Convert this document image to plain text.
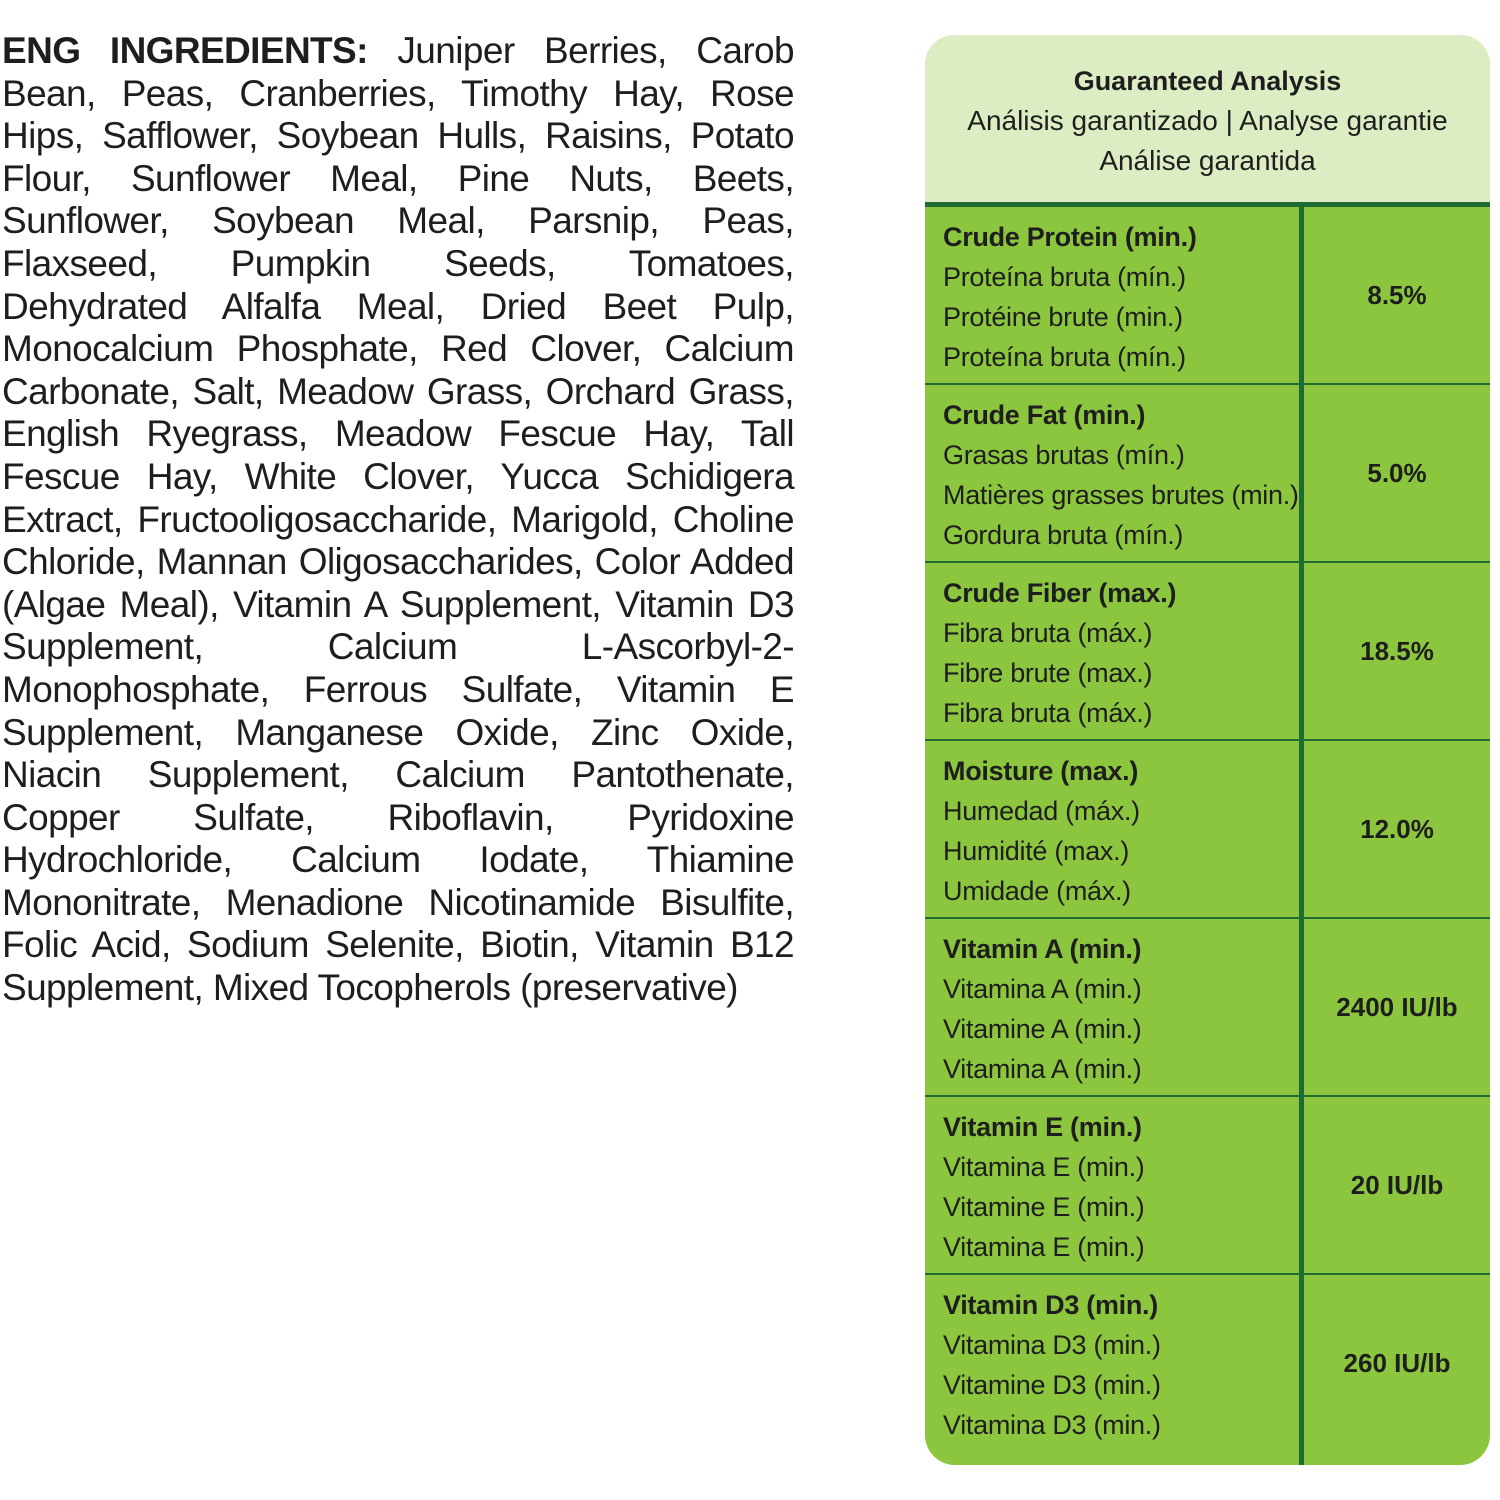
ENG INGREDIENTS: Juniper Berries, Carob Bean, Peas, Cranberries, Timothy Hay, Rose Hips, Safflower, Soybean Hulls, Raisins, Potato Flour, Sunflower Meal, Pine Nuts, Beets, Sunflower, Soybean Meal, Parsnip, Peas, Flaxseed, Pumpkin Seeds, Tomatoes, Dehydrated Alfalfa Meal, Dried Beet Pulp, Monocalcium Phosphate, Red Clover, Calcium Carbonate, Salt, Meadow Grass, Orchard Grass, English Ryegrass, Meadow Fescue Hay, Tall Fescue Hay, White Clover, Yucca Schidigera Extract, Fructooligosaccharide, Marigold, Choline Chloride, Mannan Oligosaccharides, Color Added (Algae Meal), Vitamin A Supplement, Vitamin D3 Supplement, Calcium L-Ascorbyl-2-Monophosphate, Ferrous Sulfate, Vitamin E Supplement, Manganese Oxide, Zinc Oxide, Niacin Supplement, Calcium Pantothenate, Copper Sulfate, Riboflavin, Pyridoxine Hydrochloride, Calcium Iodate, Thiamine Mononitrate, Menadione Nicotinamide Bisulfite, Folic Acid, Sodium Selenite, Biotin, Vitamin B12 Supplement, Mixed Tocopherols (preservative)
Guaranteed Analysis
Análisis garantizado | Analyse garantie
Análise garantida
Crude Protein (min.)
Proteína bruta (mín.)
Protéine brute (min.)
Proteína bruta (mín.)
8.5%
Crude Fat (min.)
Grasas brutas (mín.)
Matières grasses brutes (min.)
Gordura bruta (mín.)
5.0%
Crude Fiber (max.)
Fibra bruta (máx.)
Fibre brute (max.)
Fibra bruta (máx.)
18.5%
Moisture (max.)
Humedad (máx.)
Humidité (max.)
Umidade (máx.)
12.0%
Vitamin A (min.)
Vitamina A (min.)
Vitamine A (min.)
Vitamina A (min.)
2400 IU/lb
Vitamin E (min.)
Vitamina E (min.)
Vitamine E (min.)
Vitamina E (min.)
20 IU/lb
Vitamin D3 (min.)
Vitamina D3 (min.)
Vitamine D3 (min.)
Vitamina D3 (min.)
260 IU/lb
